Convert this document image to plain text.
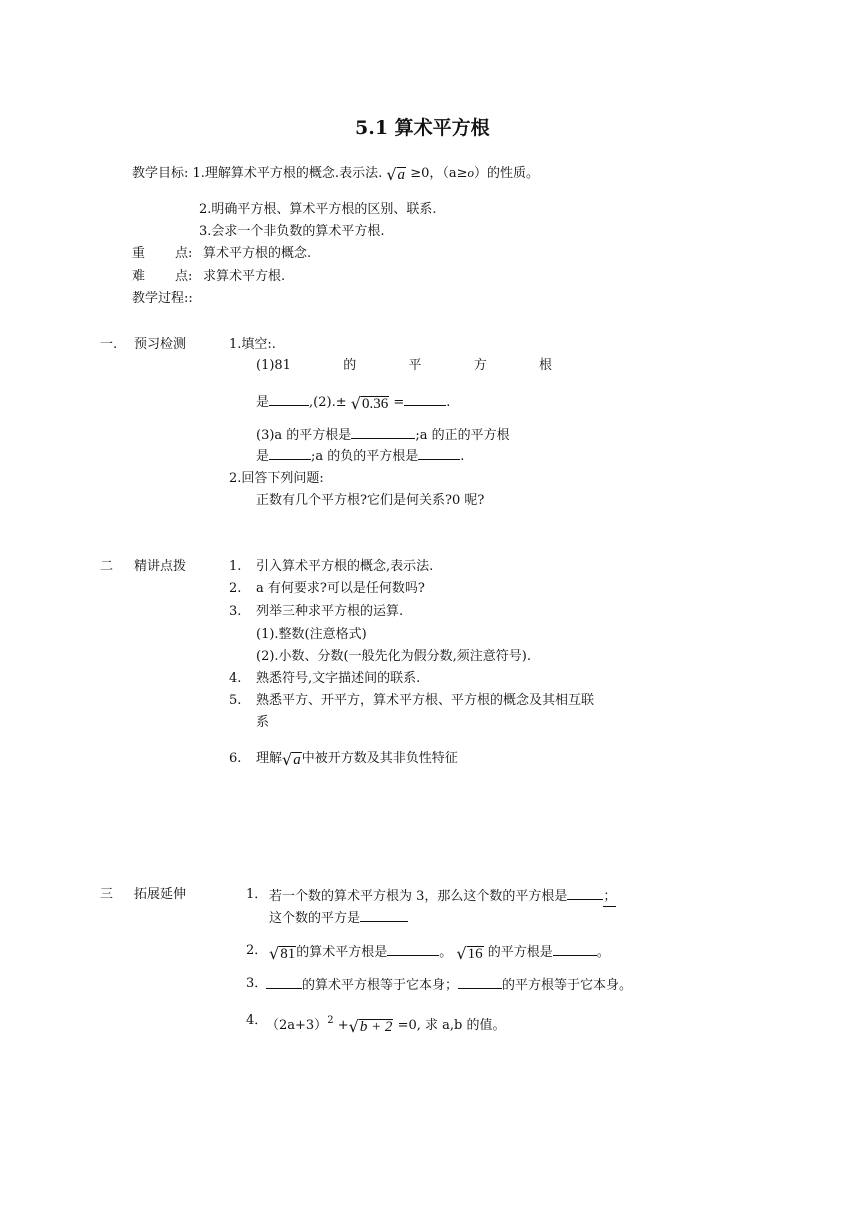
5.1 算术平方根
教学目标: 1.理解算术平方根的概念.表示法. √ a ≥0，（a≥o）的性质。
2.明确平方根、算术平方根的区别、联系.
3.会求一个非负数的算术平方根.
重 点: 算术平方根的概念.
难 点: 求算术平方根.
教学过程::
一. 预习检测	1.填空:.
(1)81	的	平	方	根
是	,(2).± √ 0.36 =	.
(3)a 的平方根是	;a 的正的平方根
是	;a 的负的平方根是	.
2.回答下列问题:
正数有几个平方根?它们是何关系?0 呢?
二 精讲点拨	1. 引入算术平方根的概念,表示法.
2. a 有何要求?可以是任何数吗?
3. 列举三种求平方根的运算.
(1).整数(注意格式)
(2).小数、分数(一般先化为假分数,须注意符号).
4. 熟悉符号,文字描述间的联系.
5. 熟悉平方、开平方，算术平方根、平方根的概念及其相互联
系
6. 理解 √ a 中被开方数及其非负性特征
三 拓展延伸	1． 若一个数的算术平方根为 3，那么这个数的平方根是	；
这个数的平方是
2． √ 81 的算术平方根是	。 √ 16 的平方根是	。
3．	的算术平方根等于它本身；	的平方根等于它本身。
4．
$(2a+3)^2$ + √ b + 2 =0, 求 a,b 的值。
